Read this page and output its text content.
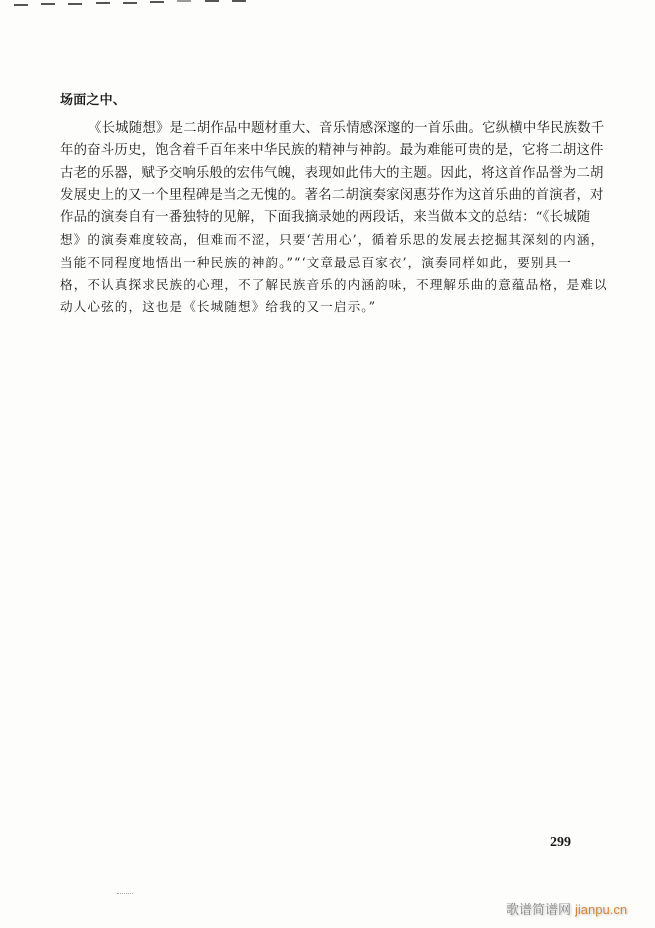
场面之中、
《长城随想》是二胡作品中题材重大、音乐情感深邃的一首乐曲。它纵横中华民族数千
年的奋斗历史，饱含着千百年来中华民族的精神与神韵。最为难能可贵的是，它将二胡这件
古老的乐器，赋予交响乐般的宏伟气魄，表现如此伟大的主题。因此，将这首作品誉为二胡
发展史上的又一个里程碑是当之无愧的。著名二胡演奏家闵惠芬作为这首乐曲的首演者，对
作品的演奏自有一番独特的见解，下面我摘录她的两段话，来当做本文的总结：“《长城随
想》的演奏难度较高，但难而不涩，只要‘苦用心’，循着乐思的发展去挖掘其深刻的内涵，
当能不同程度地悟出一种民族的神韵。”“‘文章最忌百家衣’，演奏同样如此，要别具一
格，不认真探求民族的心理，不了解民族音乐的内涵韵味，不理解乐曲的意蕴品格，是难以
动人心弦的，这也是《长城随想》给我的又一启示。”
299
歌谱简谱网 jianpu.cn
